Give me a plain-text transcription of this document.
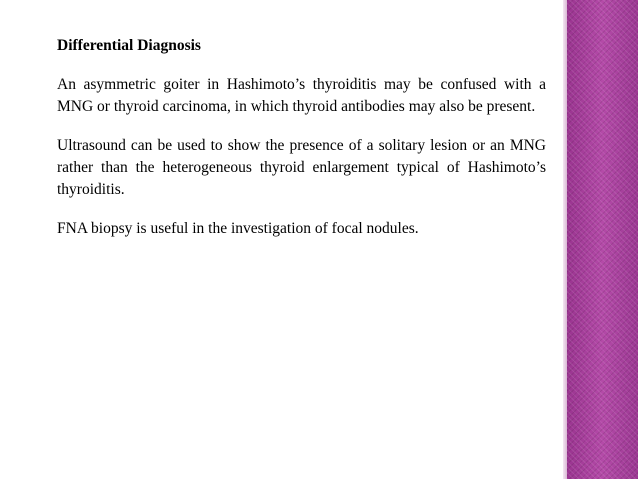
Differential Diagnosis

An asymmetric goiter in Hashimoto’s thyroiditis may be confused with a MNG or thyroid carcinoma, in which thyroid antibodies may also be present.

Ultrasound can be used to show the presence of a solitary lesion or an MNG rather than the heterogeneous thyroid enlargement typical of Hashimoto’s thyroiditis.

FNA biopsy is useful in the investigation of focal nodules.
